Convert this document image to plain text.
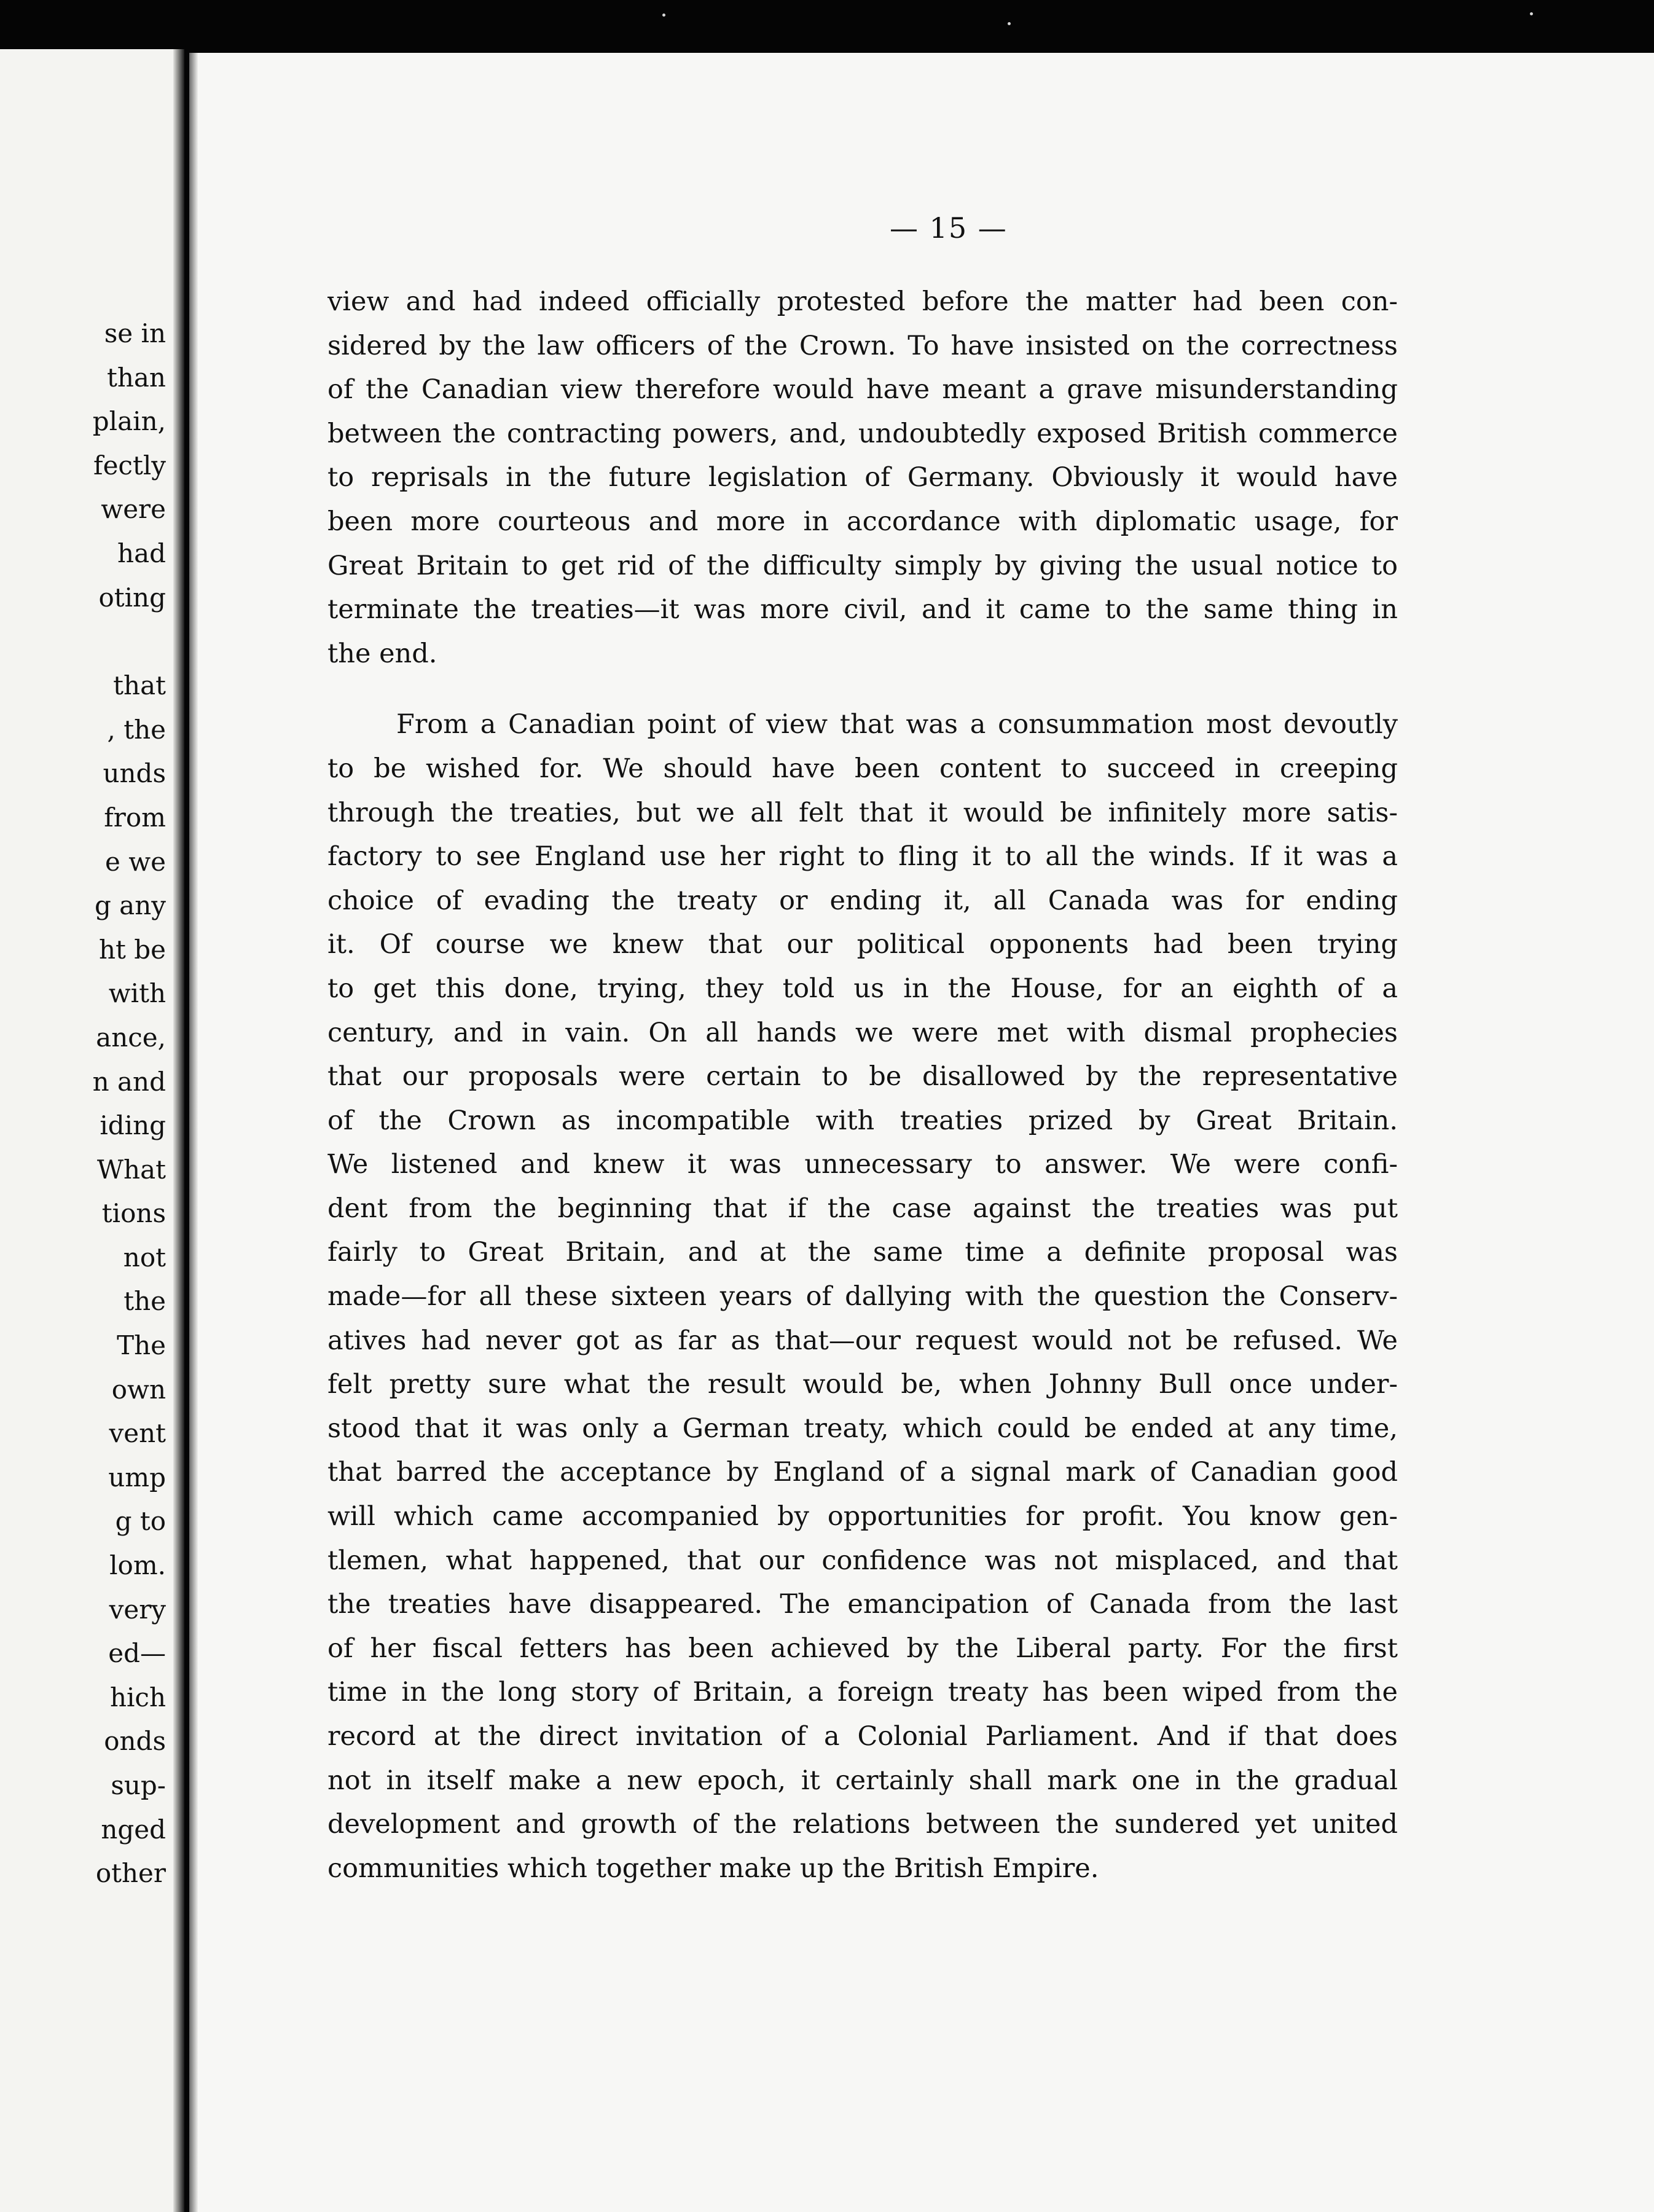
se in
than
plain,
fectly
were
had
oting
that
, the
unds
from
e we
g any
ht be
with
ance,
n and
iding
What
tions
not
the
The
own
vent
ump
g to
lom.
very
ed—
hich
onds
sup-
nged
other
— 15 —
view and had indeed officially protested before the matter had been con-
sidered by the law officers of the Crown. To have insisted on the correctness
of the Canadian view therefore would have meant a grave misunderstanding
between the contracting powers, and, undoubtedly exposed British commerce
to reprisals in the future legislation of Germany. Obviously it would have
been more courteous and more in accordance with diplomatic usage, for
Great Britain to get rid of the difficulty simply by giving the usual notice to
terminate the treaties—it was more civil, and it came to the same thing in
the end.
From a Canadian point of view that was a consummation most devoutly
to be wished for. We should have been content to succeed in creeping
through the treaties, but we all felt that it would be infinitely more satis-
factory to see England use her right to fling it to all the winds. If it was a
choice of evading the treaty or ending it, all Canada was for ending
it. Of course we knew that our political opponents had been trying
to get this done, trying, they told us in the House, for an eighth of a
century, and in vain. On all hands we were met with dismal prophecies
that our proposals were certain to be disallowed by the representative
of the Crown as incompatible with treaties prized by Great Britain.
We listened and knew it was unnecessary to answer. We were confi-
dent from the beginning that if the case against the treaties was put
fairly to Great Britain, and at the same time a definite proposal was
made—for all these sixteen years of dallying with the question the Conserv-
atives had never got as far as that—our request would not be refused. We
felt pretty sure what the result would be, when Johnny Bull once under-
stood that it was only a German treaty, which could be ended at any time,
that barred the acceptance by England of a signal mark of Canadian good
will which came accompanied by opportunities for profit. You know gen-
tlemen, what happened, that our confidence was not misplaced, and that
the treaties have disappeared. The emancipation of Canada from the last
of her fiscal fetters has been achieved by the Liberal party. For the first
time in the long story of Britain, a foreign treaty has been wiped from the
record at the direct invitation of a Colonial Parliament. And if that does
not in itself make a new epoch, it certainly shall mark one in the gradual
development and growth of the relations between the sundered yet united
communities which together make up the British Empire.
